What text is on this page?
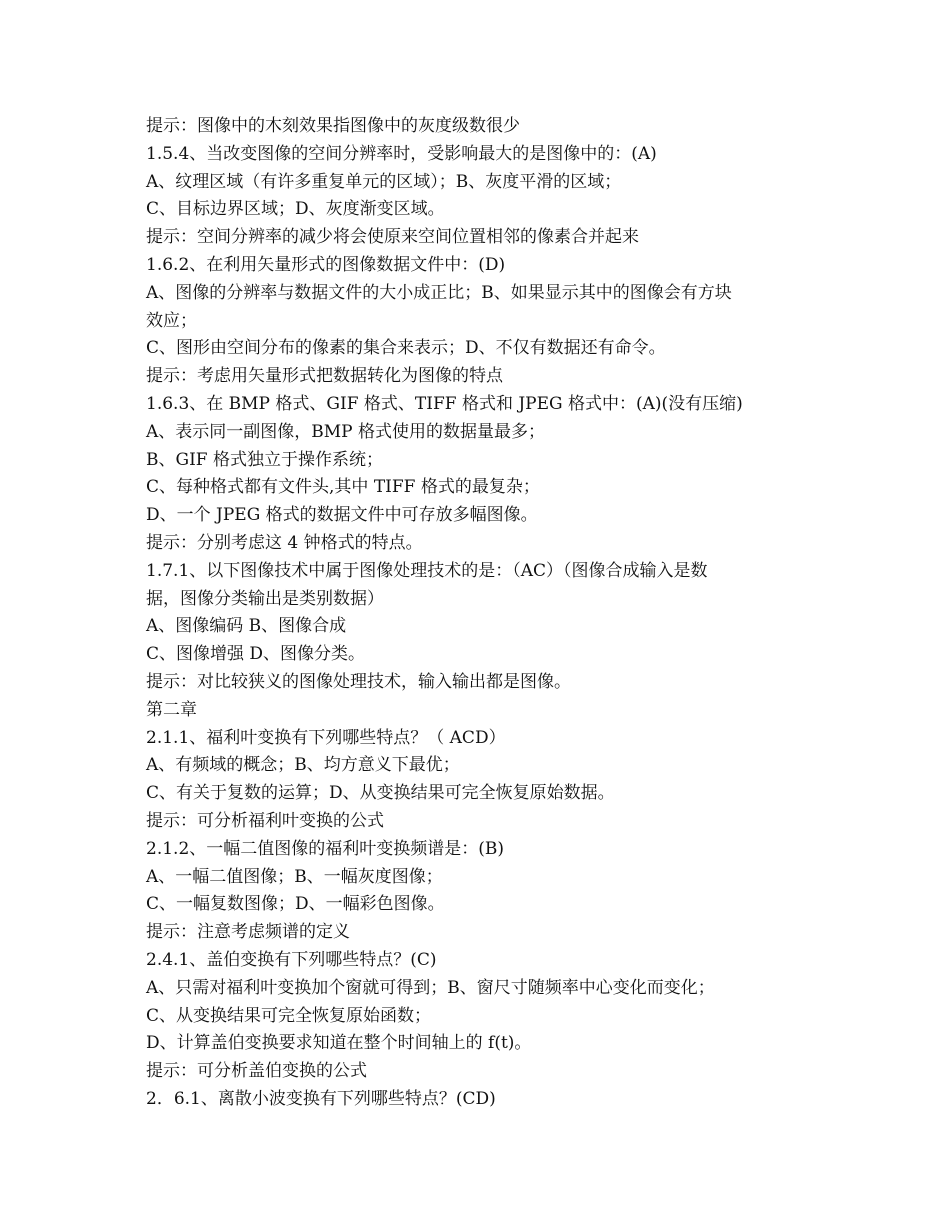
提示：图像中的木刻效果指图像中的灰度级数很少
1.5.4、当改变图像的空间分辨率时，受影响最大的是图像中的：(A)
A、纹理区域（有许多重复单元的区域）；B、灰度平滑的区域；
C、目标边界区域；D、灰度渐变区域。
提示：空间分辨率的减少将会使原来空间位置相邻的像素合并起来
1.6.2、在利用矢量形式的图像数据文件中：(D)
A、图像的分辨率与数据文件的大小成正比；B、如果显示其中的图像会有方块
效应；
C、图形由空间分布的像素的集合来表示；D、不仅有数据还有命令。
提示：考虑用矢量形式把数据转化为图像的特点
1.6.3、在 BMP 格式、GIF 格式、TIFF 格式和 JPEG 格式中：(A)(没有压缩)
A、表示同一副图像，BMP 格式使用的数据量最多；
B、GIF 格式独立于操作系统；
C、每种格式都有文件头,其中 TIFF 格式的最复杂；
D、一个 JPEG 格式的数据文件中可存放多幅图像。
提示：分别考虑这 4 钟格式的特点。
1.7.1、以下图像技术中属于图像处理技术的是：（AC）（图像合成输入是数
据，图像分类输出是类别数据）
A、图像编码 B、图像合成
C、图像增强 D、图像分类。
提示：对比较狭义的图像处理技术，输入输出都是图像。
第二章
2.1.1、福利叶变换有下列哪些特点？（ ACD）
A、有频域的概念；B、均方意义下最优；
C、有关于复数的运算；D、从变换结果可完全恢复原始数据。
提示：可分析福利叶变换的公式
2.1.2、一幅二值图像的福利叶变换频谱是：(B)
A、一幅二值图像；B、一幅灰度图像；
C、一幅复数图像；D、一幅彩色图像。
提示：注意考虑频谱的定义
2.4.1、盖伯变换有下列哪些特点？(C)
A、只需对福利叶变换加个窗就可得到；B、窗尺寸随频率中心变化而变化；
C、从变换结果可完全恢复原始函数；
D、计算盖伯变换要求知道在整个时间轴上的 f(t)。
提示：可分析盖伯变换的公式
2．6.1、离散小波变换有下列哪些特点？(CD)
